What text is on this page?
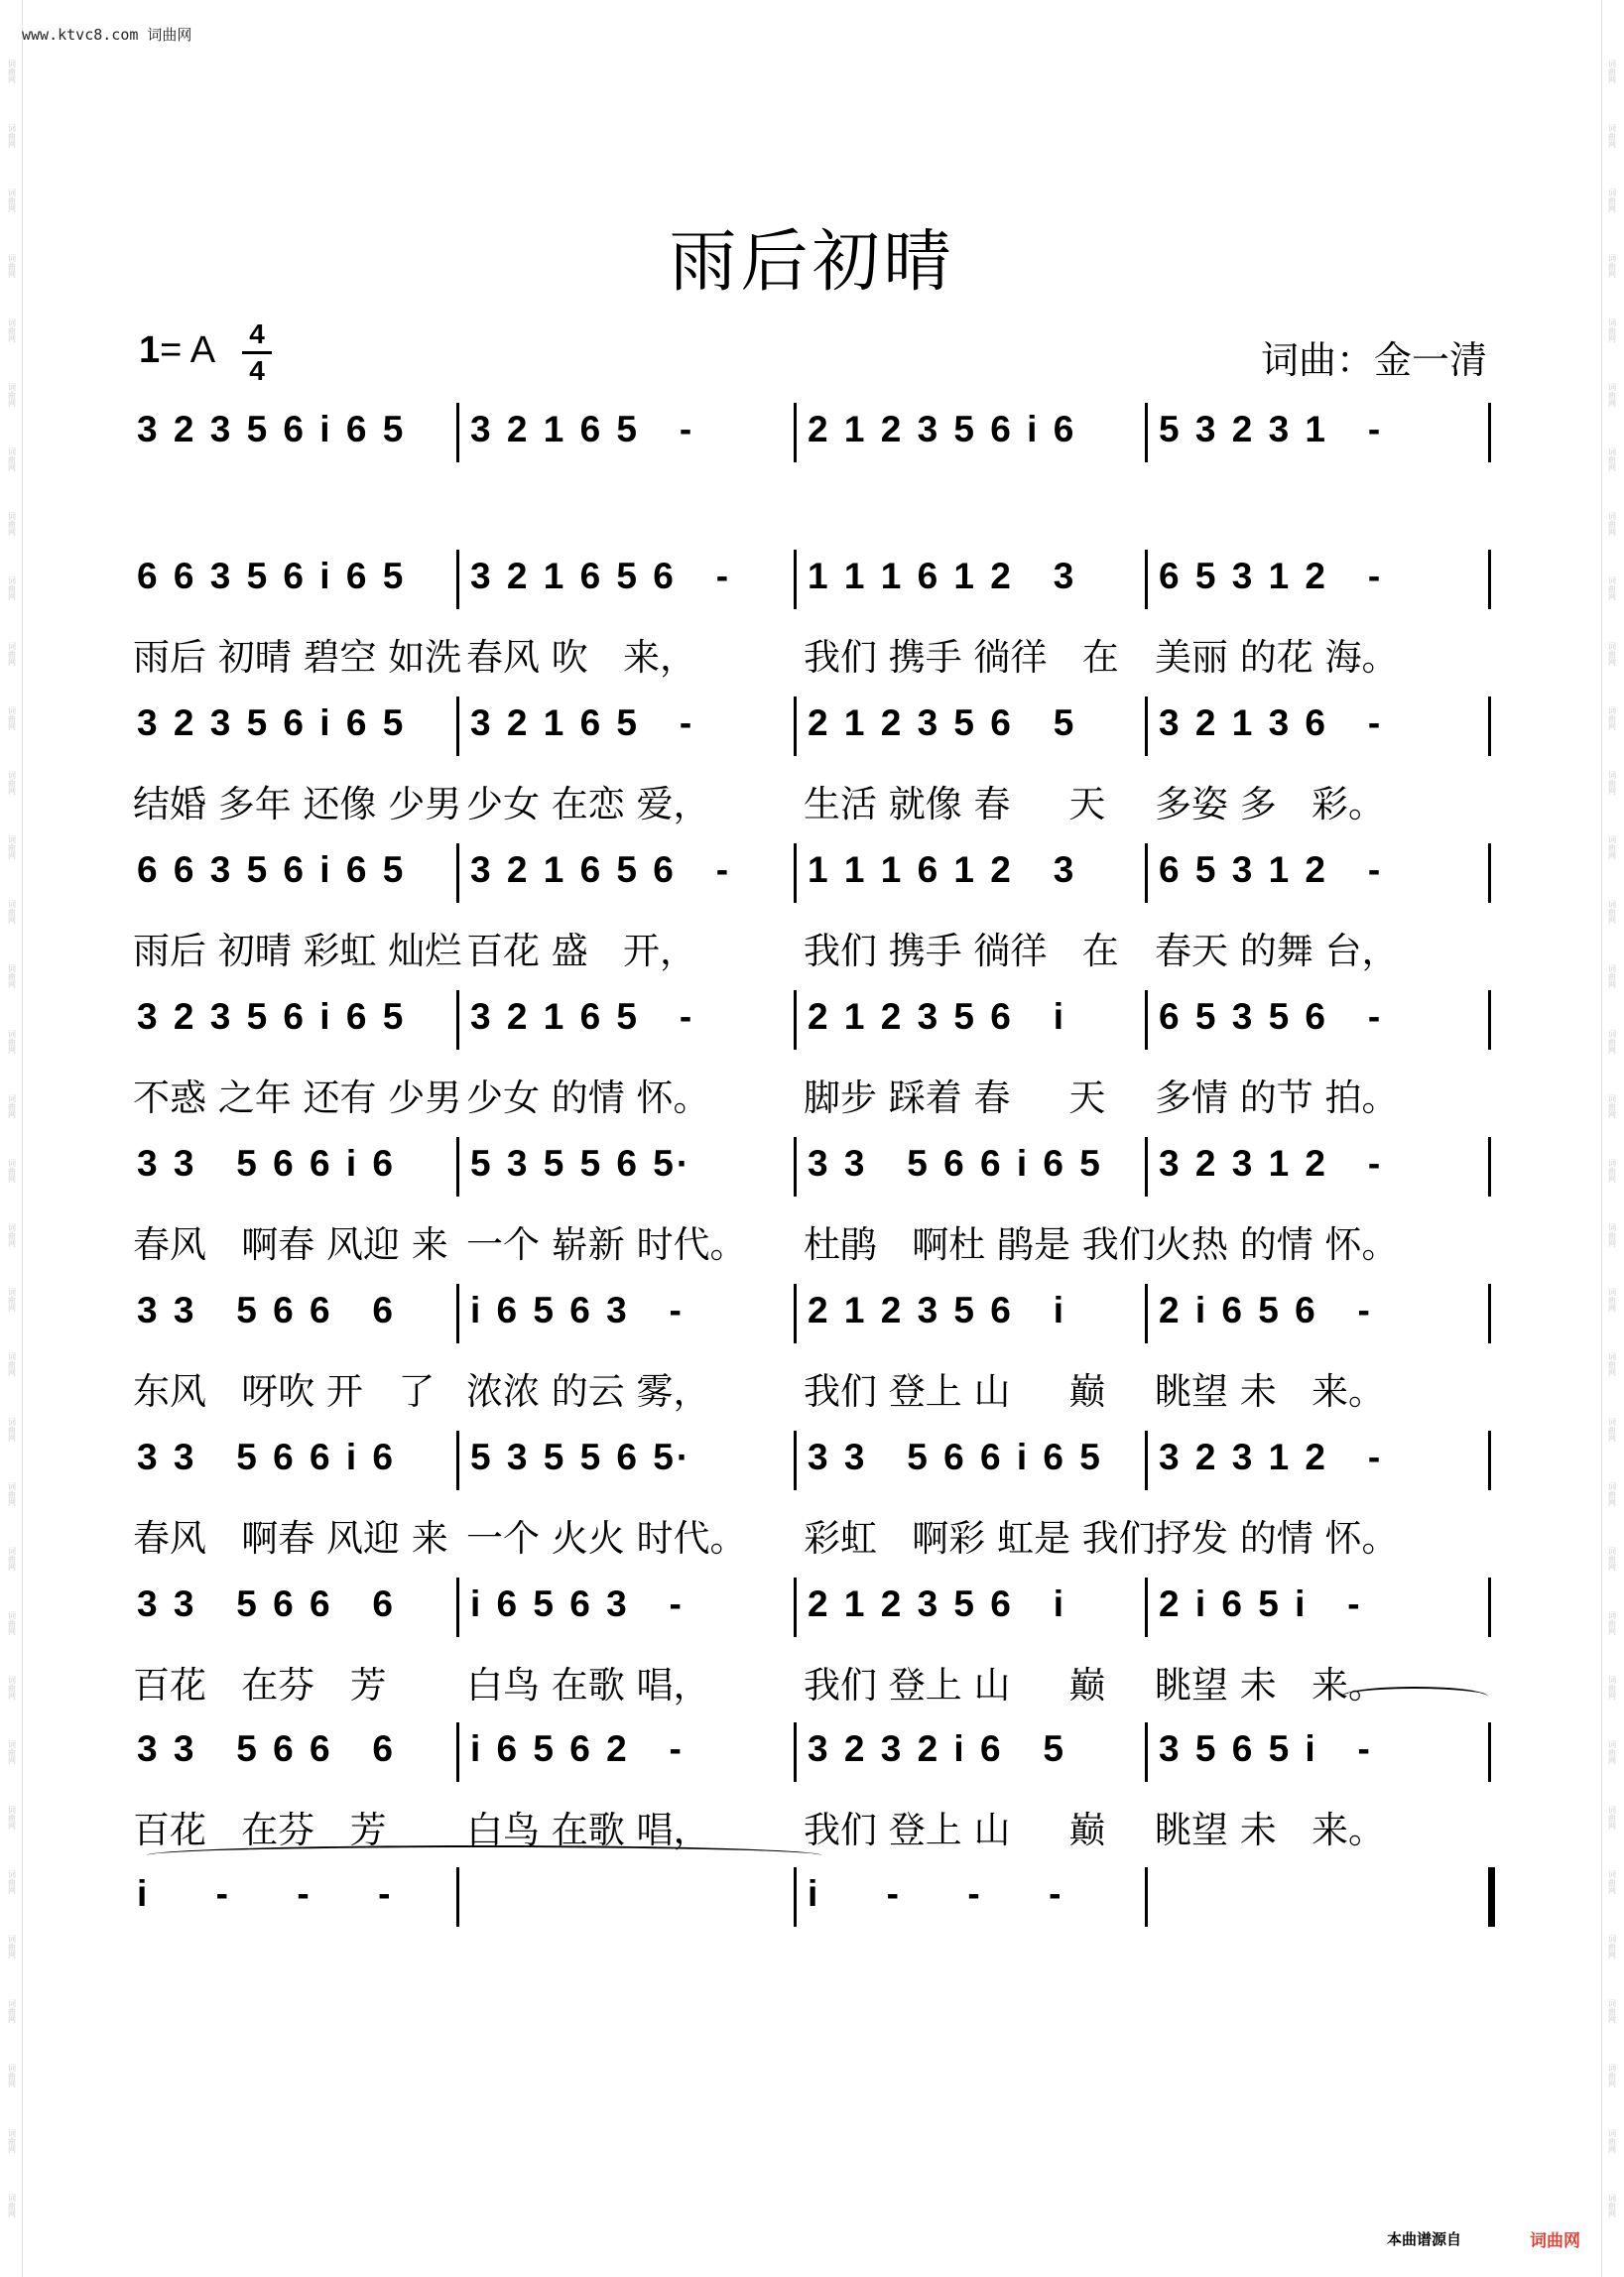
词曲网
词曲网
词曲网
词曲网
词曲网
词曲网
词曲网
词曲网
词曲网
词曲网
词曲网
词曲网
词曲网
词曲网
词曲网
词曲网
词曲网
词曲网
词曲网
词曲网
词曲网
词曲网
词曲网
词曲网
词曲网
词曲网
词曲网
词曲网
词曲网
词曲网
词曲网
词曲网
词曲网
词曲网
词曲网
词曲网
词曲网
词曲网
词曲网
词曲网
词曲网
词曲网
词曲网
词曲网
词曲网
词曲网
词曲网
词曲网
词曲网
词曲网
词曲网
词曲网
词曲网
词曲网
词曲网
词曲网
词曲网
词曲网
词曲网
词曲网
词曲网
词曲网
词曲网
词曲网
词曲网
词曲网
词曲网
词曲网
www.ktvc8.com 词曲网
雨后初晴
1= A 4
4	词曲：金一清
3 2 3 5 6 i 6 5	3 2 1 6 5   -	2 1 2 3 5 6 i 6	5 3 2 3 1   -
6 6 3 5 6 i 6 5	3 2 1 6 5 6   -	1 1 1 6 1 2   3	6 5 3 1 2   -
雨后 初晴 碧空 如洗 春风 吹   来，	我们 携手 徜徉   在 美丽 的花 海。
3 2 3 5 6 i 6 5	3 2 1 6 5   -	2 1 2 3 5 6   5	3 2 1 3 6   -
结婚 多年 还像 少男 少女 在恋 爱，	生活 就像 春     天 多姿 多   彩。
6 6 3 5 6 i 6 5	3 2 1 6 5 6   -	1 1 1 6 1 2   3	6 5 3 1 2   -
雨后 初晴 彩虹 灿烂 百花 盛   开，	我们 携手 徜徉   在 春天 的舞 台，
3 2 3 5 6 i 6 5	3 2 1 6 5   -	2 1 2 3 5 6   i	6 5 3 5 6   -
不惑 之年 还有 少男 少女 的情 怀。	脚步 踩着 春     天 多情 的节 拍。
3 3   5 6 6 i 6	5 3 5 5 6 5·	3 3   5 6 6 i 6 5	3 2 3 1 2   -
春风   啊春 风迎 来 一个 崭新 时代。 杜鹃   啊杜 鹃是 我们 火热 的情 怀。
3 3   5 6 6   6	i 6 5 6 3   -	2 1 2 3 5 6   i	2 i 6 5 6   -
东风   呀吹 开   了 浓浓 的云 雾，	我们 登上 山     巅 眺望 未   来。
3 3   5 6 6 i 6	5 3 5 5 6 5·	3 3   5 6 6 i 6 5	3 2 3 1 2   -
春风   啊春 风迎 来 一个 火火 时代。 彩虹   啊彩 虹是 我们 抒发 的情 怀。
3 3   5 6 6   6	i 6 5 6 3   -	2 1 2 3 5 6   i	2 i 6 5 i   -
百花   在芬   芳 白鸟 在歌 唱，	我们 登上 山     巅 眺望 未   来。
3 3   5 6 6   6	i 6 5 6 2   -	3 2 3 2 i 6   5	3 5 6 5 i   -
百花   在芬   芳 白鸟 在歌 唱，	我们 登上 山     巅 眺望 未   来。
i     -     -     -	i     -     -     -
本曲谱源自	词曲网
